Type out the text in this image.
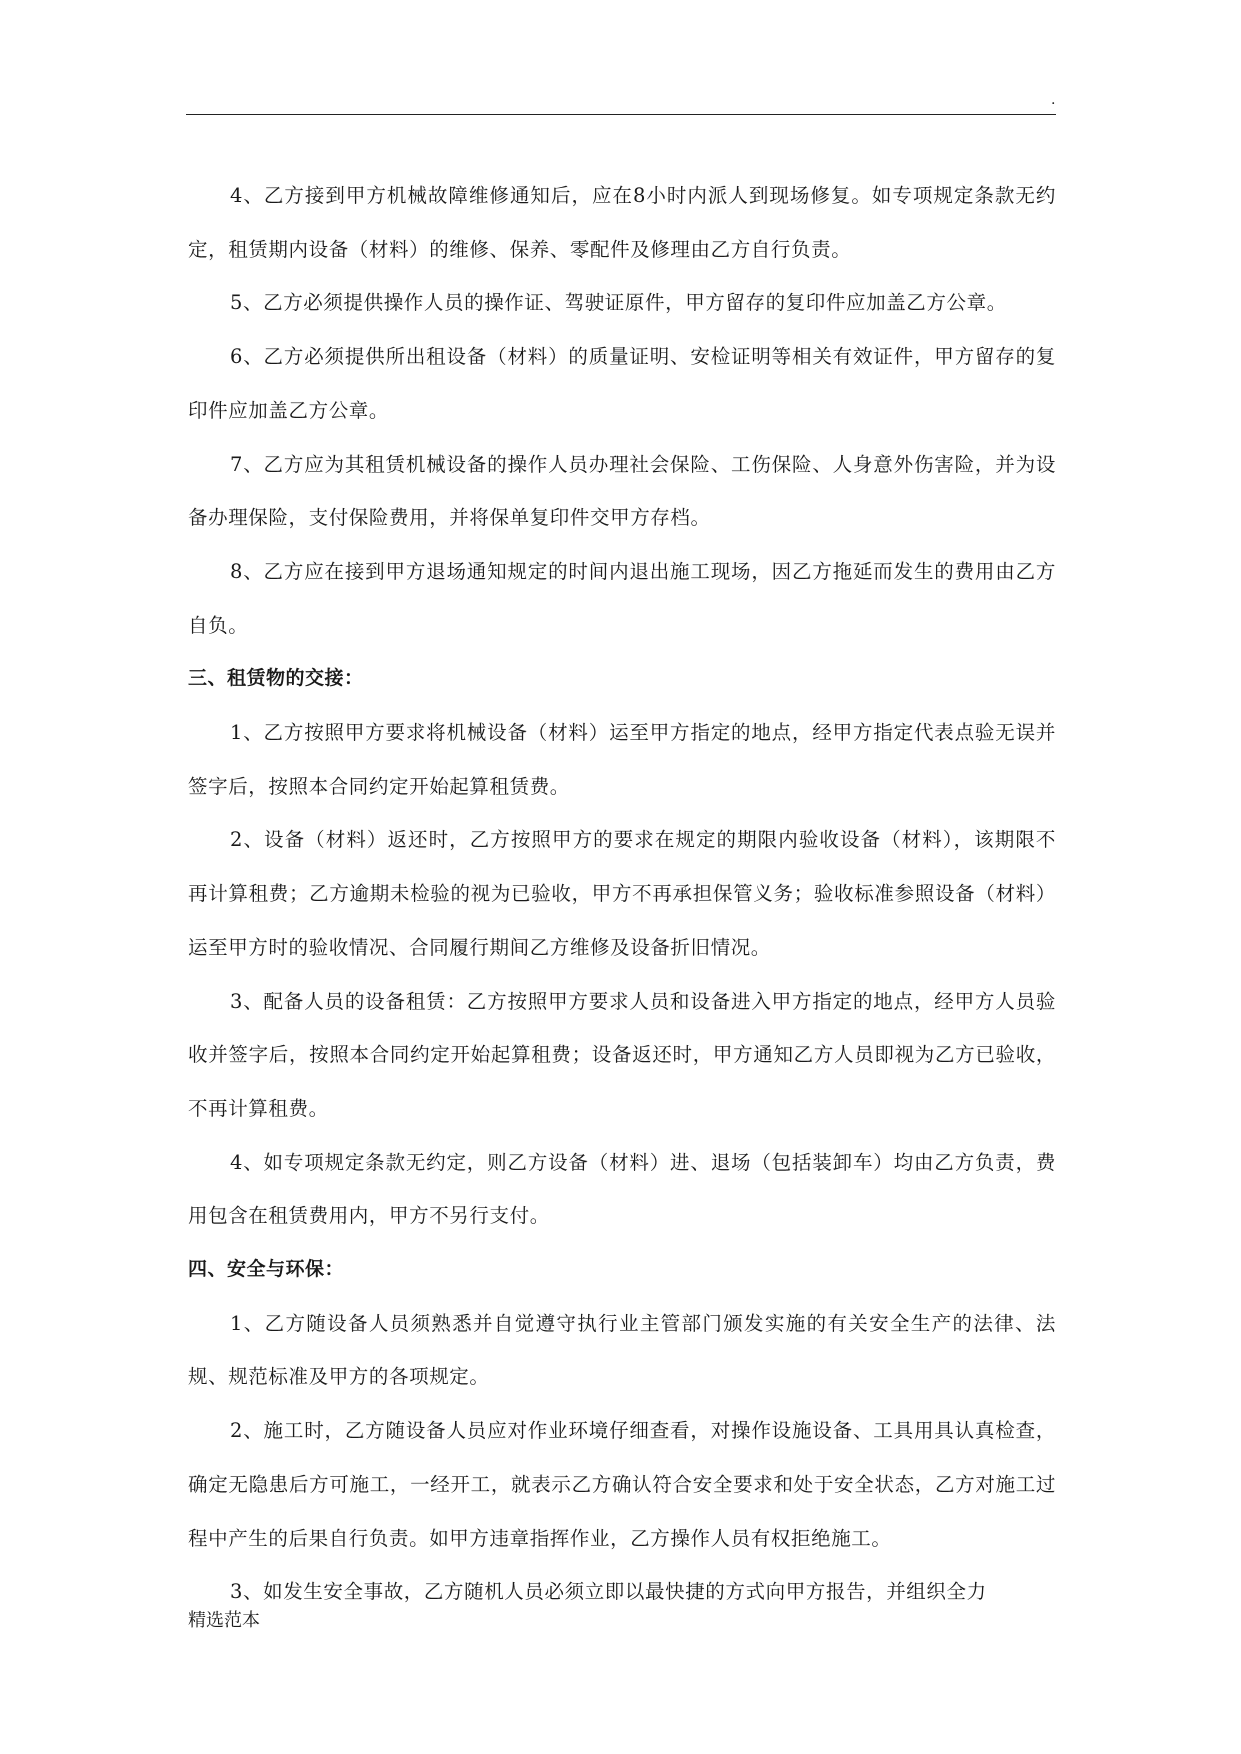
.

4、乙方接到甲方机械故障维修通知后，应在8小时内派人到现场修复。如专项规定条款无约定，租赁期内设备（材料）的维修、保养、零配件及修理由乙方自行负责。

5、乙方必须提供操作人员的操作证、驾驶证原件，甲方留存的复印件应加盖乙方公章。

6、乙方必须提供所出租设备（材料）的质量证明、安检证明等相关有效证件，甲方留存的复印件应加盖乙方公章。

7、乙方应为其租赁机械设备的操作人员办理社会保险、工伤保险、人身意外伤害险，并为设备办理保险，支付保险费用，并将保单复印件交甲方存档。

8、乙方应在接到甲方退场通知规定的时间内退出施工现场，因乙方拖延而发生的费用由乙方自负。

三、租赁物的交接：

1、乙方按照甲方要求将机械设备（材料）运至甲方指定的地点，经甲方指定代表点验无误并签字后，按照本合同约定开始起算租赁费。

2、设备（材料）返还时，乙方按照甲方的要求在规定的期限内验收设备（材料），该期限不再计算租费；乙方逾期未检验的视为已验收，甲方不再承担保管义务；验收标准参照设备（材料）运至甲方时的验收情况、合同履行期间乙方维修及设备折旧情况。

3、配备人员的设备租赁：乙方按照甲方要求人员和设备进入甲方指定的地点，经甲方人员验收并签字后，按照本合同约定开始起算租费；设备返还时，甲方通知乙方人员即视为乙方已验收，不再计算租费。

4、如专项规定条款无约定，则乙方设备（材料）进、退场（包括装卸车）均由乙方负责，费用包含在租赁费用内，甲方不另行支付。

四、安全与环保：

1、乙方随设备人员须熟悉并自觉遵守执行业主管部门颁发实施的有关安全生产的法律、法规、规范标准及甲方的各项规定。

2、施工时，乙方随设备人员应对作业环境仔细查看，对操作设施设备、工具用具认真检查，确定无隐患后方可施工，一经开工，就表示乙方确认符合安全要求和处于安全状态，乙方对施工过程中产生的后果自行负责。如甲方违章指挥作业，乙方操作人员有权拒绝施工。

3、如发生安全事故，乙方随机人员必须立即以最快捷的方式向甲方报告，并组织全力

精选范本
